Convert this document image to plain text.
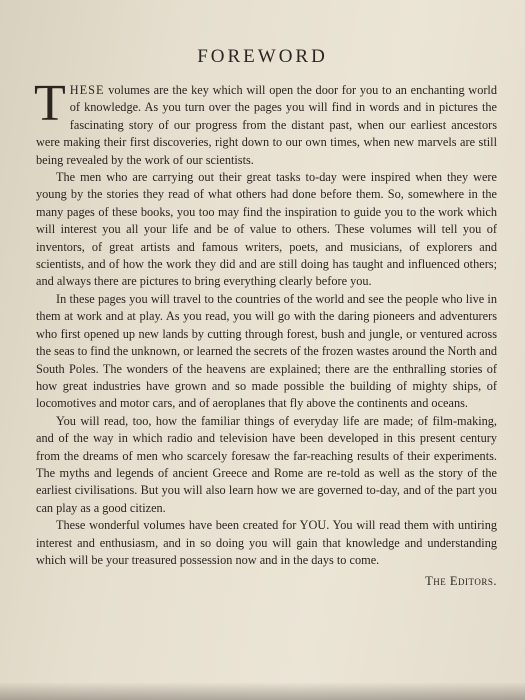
FOREWORD

THESE volumes are the key which will open the door for you to an enchanting world of knowledge. As you turn over the pages you will find in words and in pictures the fascinating story of our progress from the distant past, when our earliest ancestors were making their first discoveries, right down to our own times, when new marvels are still being revealed by the work of our scientists.

The men who are carrying out their great tasks to-day were inspired when they were young by the stories they read of what others had done before them. So, somewhere in the many pages of these books, you too may find the inspiration to guide you to the work which will interest you all your life and be of value to others. These volumes will tell you of inventors, of great artists and famous writers, poets, and musicians, of explorers and scientists, and of how the work they did and are still doing has taught and influenced others; and always there are pictures to bring everything clearly before you.

In these pages you will travel to the countries of the world and see the people who live in them at work and at play. As you read, you will go with the daring pioneers and adventurers who first opened up new lands by cutting through forest, bush and jungle, or ventured across the seas to find the unknown, or learned the secrets of the frozen wastes around the North and South Poles. The wonders of the heavens are explained; there are the enthralling stories of how great industries have grown and so made possible the building of mighty ships, of locomotives and motor cars, and of aeroplanes that fly above the continents and oceans.

You will read, too, how the familiar things of everyday life are made; of film-making, and of the way in which radio and television have been developed in this present century from the dreams of men who scarcely foresaw the far-reaching results of their experiments. The myths and legends of ancient Greece and Rome are re-told as well as the story of the earliest civilisations. But you will also learn how we are governed to-day, and of the part you can play as a good citizen.

These wonderful volumes have been created for YOU. You will read them with untiring interest and enthusiasm, and in so doing you will gain that knowledge and understanding which will be your treasured possession now and in the days to come.
The Editors.
